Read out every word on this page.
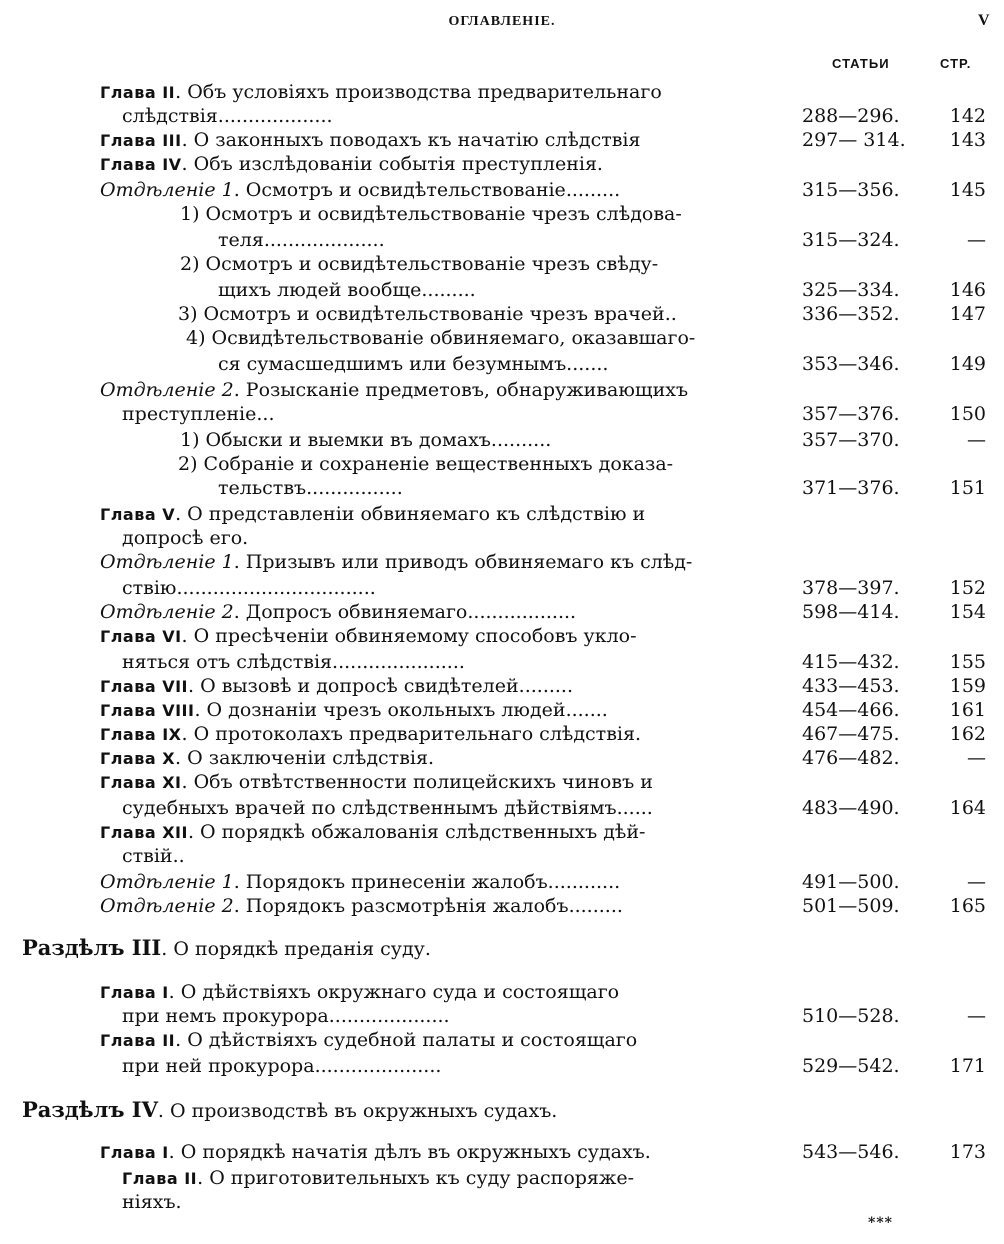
ОГЛАВЛЕНIЕ.	V
СТАТЬИ	СТР.
Глава II. Объ условiяхъ производства предварительнаго
слѣдствiя...................	288—296.	142
Глава III. О законныхъ поводахъ къ начатiю слѣдствiя	297— 314.	143
Глава IV. Объ изслѣдованiи событiя преступленiя.
Отдѣленiе 1. Осмотръ и освидѣтельствованiе.........	315—356.	145
1) Осмотръ и освидѣтельствованiе чрезъ слѣдова-
теля....................	315—324.	—
2) Осмотръ и освидѣтельствованiе чрезъ свѣду-
щихъ людей вообще.........	325—334.	146
3) Осмотръ и освидѣтельствованiе чрезъ врачей..	336—352.	147
4) Освидѣтельствованiе обвиняемаго, оказавшаго-
ся сумасшедшимъ или безумнымъ.......	353—346.	149
Отдѣленiе 2. Розысканiе предметовъ, обнаруживающихъ
преступленiе...	357—376.	150
1) Обыски и выемки въ домахъ..........	357—370.	—
2) Собранiе и сохраненiе вещественныхъ доказа-
тельствъ................	371—376.	151
Глава V. О представленiи обвиняемаго къ слѣдствiю и
допросѣ его.
Отдѣленiе 1. Призывъ или приводъ обвиняемаго къ слѣд-
ствiю.................................	378—397.	152
Отдѣленiе 2. Допросъ обвиняемаго..................	598—414.	154
Глава VI. О пресѣченiи обвиняемому способовъ укло-
няться отъ слѣдствiя......................	415—432.	155
Глава VII. О вызовѣ и допросѣ свидѣтелей.........	433—453.	159
Глава VIII. О дознанiи чрезъ окольныхъ людей.......	454—466.	161
Глава IX. О протоколахъ предварительнаго слѣдствiя.	467—475.	162
Глава X. О заключенiи слѣдствiя.	476—482.	—
Глава XI. Объ отвѣтственности полицейскихъ чиновъ и
судебныхъ врачей по слѣдственнымъ дѣйствiямъ......	483—490.	164
Глава XII. О порядкѣ обжалованiя слѣдственныхъ дѣй-
ствiй..
Отдѣленiе 1. Порядокъ принесенiи жалобъ............	491—500.	—
Отдѣленiе 2. Порядокъ разсмотрѣнiя жалобъ.........	501—509.	165
Раздѣлъ III. О порядкѣ преданiя суду.
Глава I. О дѣйствiяхъ окружнаго суда и состоящаго
при немъ прокурора....................	510—528.	—
Глава II. О дѣйствiяхъ судебной палаты и состоящаго
при ней прокурора.....................	529—542.	171
Раздѣлъ IV. О производствѣ въ окружныхъ судахъ.
Глава I. О порядкѣ начатiя дѣлъ въ окружныхъ судахъ.	543—546.	173
Глава II. О приготовительныхъ къ суду распоряже-
нiяхъ.
***
